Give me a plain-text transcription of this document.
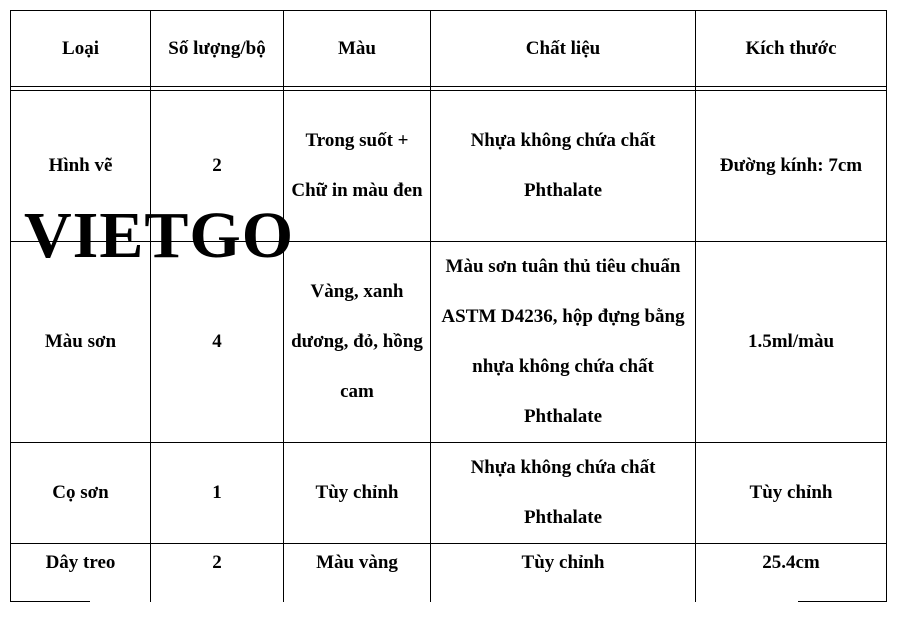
Loại	Số lượng/bộ	Màu	Chất liệu	Kích thước

Hình vẽ	2	Trong suốt + Chữ in màu đen	Nhựa không chứa chất Phthalate	Đường kính: 7cm
Màu sơn	4	Vàng, xanh dương, đỏ, hồng cam	Màu sơn tuân thủ tiêu chuẩn ASTM D4236, hộp đựng bằng nhựa không chứa chất Phthalate	1.5ml/màu
Cọ sơn	1	Tùy chỉnh	Nhựa không chứa chất Phthalate	Tùy chỉnh
Dây treo	2	Màu vàng	Tùy chỉnh	25.4cm
VIETGO
